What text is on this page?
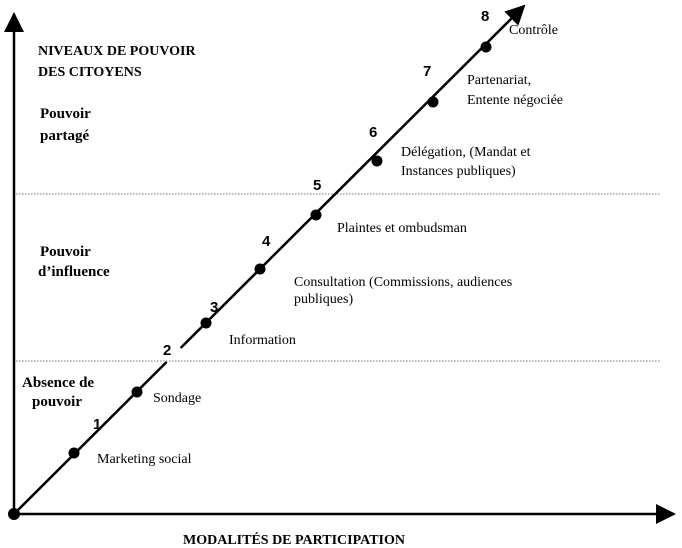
NIVEAUX DE POUVOIR DES CITOYENS
Pouvoir partagé
Pouvoir d’influence
Absence de pouvoir
1
2
3
4
5
6
7
8
Marketing social
Sondage
Information
Consultation (Commissions, audiences publiques)
Plaintes et ombudsman
Délégation, (Mandat et Instances publiques)
Partenariat, Entente négociée
Contrôle
MODALITÉS DE PARTICIPATION
